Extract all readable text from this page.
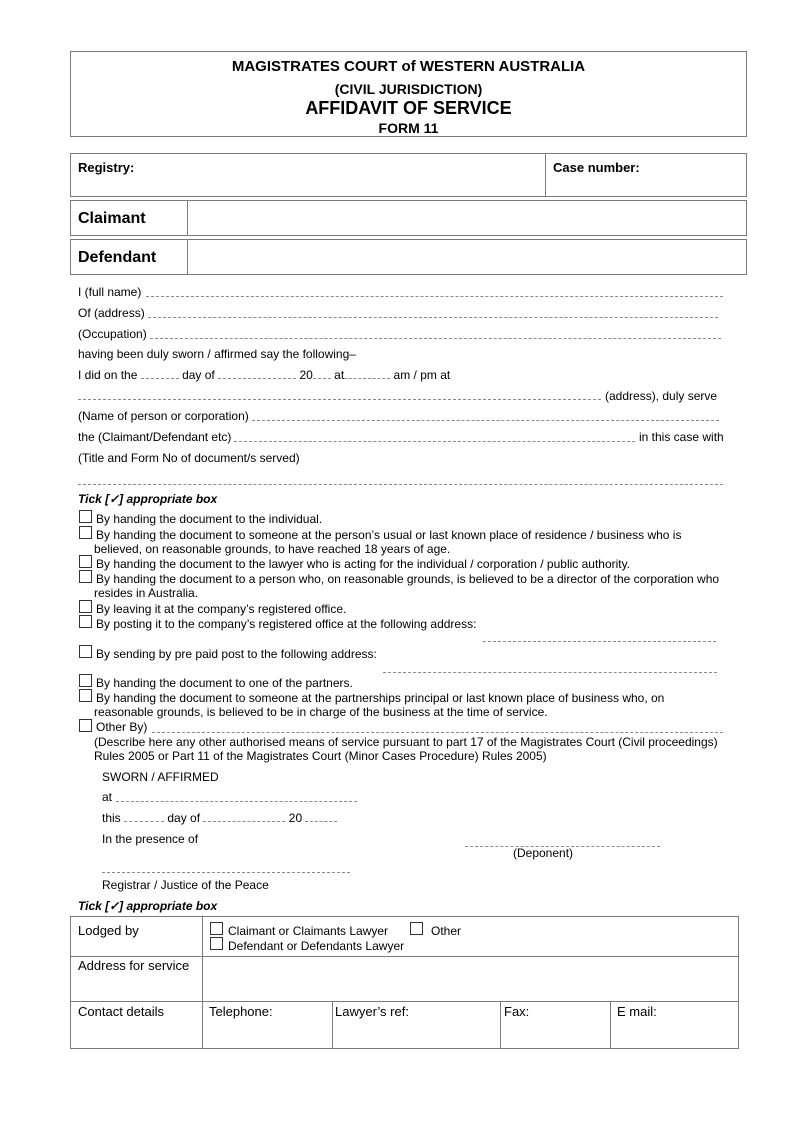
MAGISTRATES COURT of WESTERN AUSTRALIA
(CIVIL JURISDICTION)
AFFIDAVIT OF SERVICE
FORM 11
Registry:	Case number:
Claimant
Defendant
I (full name)
Of (address)
(Occupation)
having been duly sworn / affirmed say the following–
I did on the	day of	20 at	am / pm at
(address), duly serve
(Name of person or corporation)
the (Claimant/Defendant etc)	in this case with
(Title and Form No of document/s served)
Tick [✓] appropriate box
By handing the document to the individual.
By handing the document to someone at the person’s usual or last known place of residence / business who is
believed, on reasonable grounds, to have reached 18 years of age.
By handing the document to the lawyer who is acting for the individual / corporation / public authority.
By handing the document to a person who, on reasonable grounds, is believed to be a director of the corporation who
resides in Australia.
By leaving it at the company’s registered office.
By posting it to the company’s registered office at the following address:
By sending by pre paid post to the following address:
By handing the document to one of the partners.
By handing the document to someone at the partnerships principal or last known place of business who, on
reasonable grounds, is believed to be in charge of the business at the time of service.
Other By)
(Describe here any other authorised means of service pursuant to part 17 of the Magistrates Court (Civil proceedings)
Rules 2005 or Part 11 of the Magistrates Court (Minor Cases Procedure) Rules 2005)
SWORN / AFFIRMED
at
this	day of	20
In the presence of
(Deponent)
Registrar / Justice of the Peace
Tick [✓] appropriate box
Lodged by	Claimant or Claimants Lawyer	Other
Defendant or Defendants Lawyer
Address for service
Contact details	Telephone:	Lawyer’s ref:	Fax:	E mail:
